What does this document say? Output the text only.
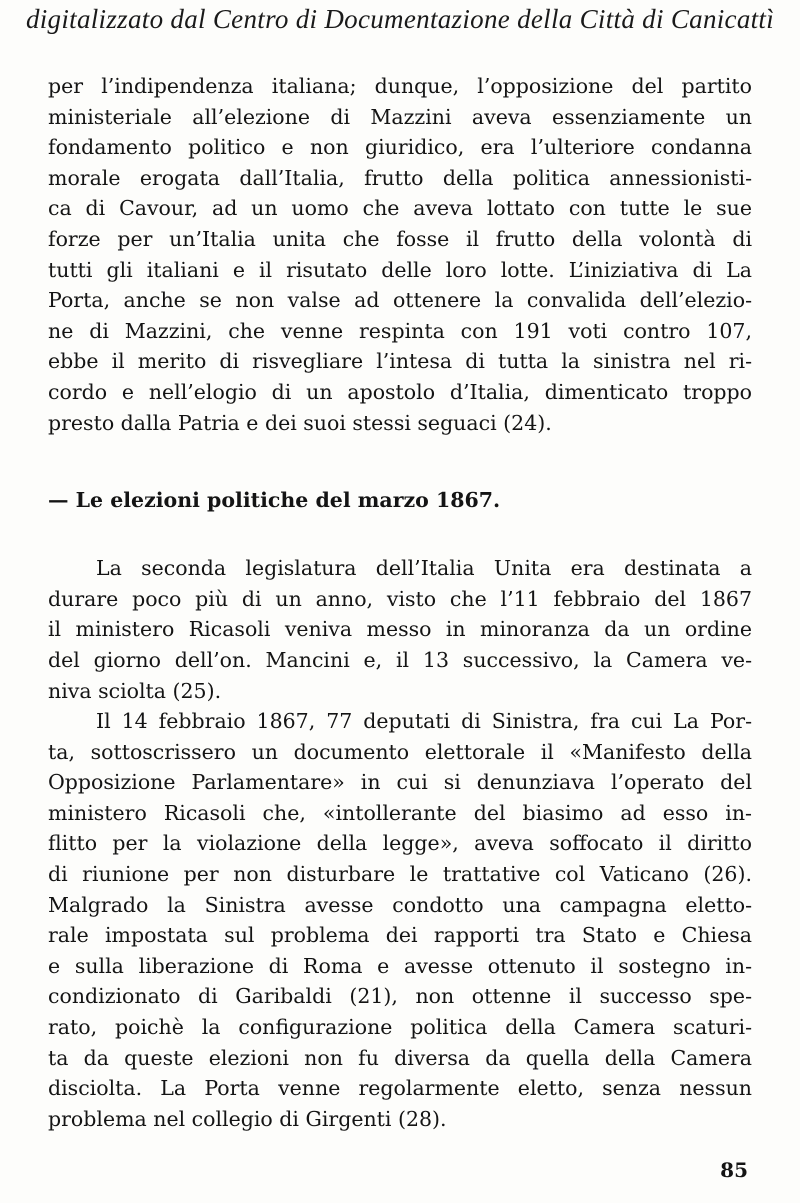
digitalizzato dal Centro di Documentazione della Città di Canicattì

per l’indipendenza italiana; dunque, l’opposizione del partito
ministeriale all’elezione di Mazzini aveva essenziamente un
fondamento politico e non giuridico, era l’ulteriore condanna
morale erogata dall’Italia, frutto della politica annessionisti-
ca di Cavour, ad un uomo che aveva lottato con tutte le sue
forze per un’Italia unita che fosse il frutto della volontà di
tutti gli italiani e il risutato delle loro lotte. L’iniziativa di La
Porta, anche se non valse ad ottenere la convalida dell’elezio-
ne di Mazzini, che venne respinta con 191 voti contro 107,
ebbe il merito di risvegliare l’intesa di tutta la sinistra nel ri-
cordo e nell’elogio di un apostolo d’Italia, dimenticato troppo
presto dalla Patria e dei suoi stessi seguaci (24).

— Le elezioni politiche del marzo 1867.

La seconda legislatura dell’Italia Unita era destinata a
durare poco più di un anno, visto che l’11 febbraio del 1867
il ministero Ricasoli veniva messo in minoranza da un ordine
del giorno dell’on. Mancini e, il 13 successivo, la Camera ve-
niva sciolta (25).

Il 14 febbraio 1867, 77 deputati di Sinistra, fra cui La Por-
ta, sottoscrissero un documento elettorale il «Manifesto della
Opposizione Parlamentare» in cui si denunziava l’operato del
ministero Ricasoli che, «intollerante del biasimo ad esso in-
flitto per la violazione della legge», aveva soffocato il diritto
di riunione per non disturbare le trattative col Vaticano (26).
Malgrado la Sinistra avesse condotto una campagna eletto-
rale impostata sul problema dei rapporti tra Stato e Chiesa
e sulla liberazione di Roma e avesse ottenuto il sostegno in-
condizionato di Garibaldi (21), non ottenne il successo spe-
rato, poichè la configurazione politica della Camera scaturi-
ta da queste elezioni non fu diversa da quella della Camera
disciolta. La Porta venne regolarmente eletto, senza nessun
problema nel collegio di Girgenti (28).

85
